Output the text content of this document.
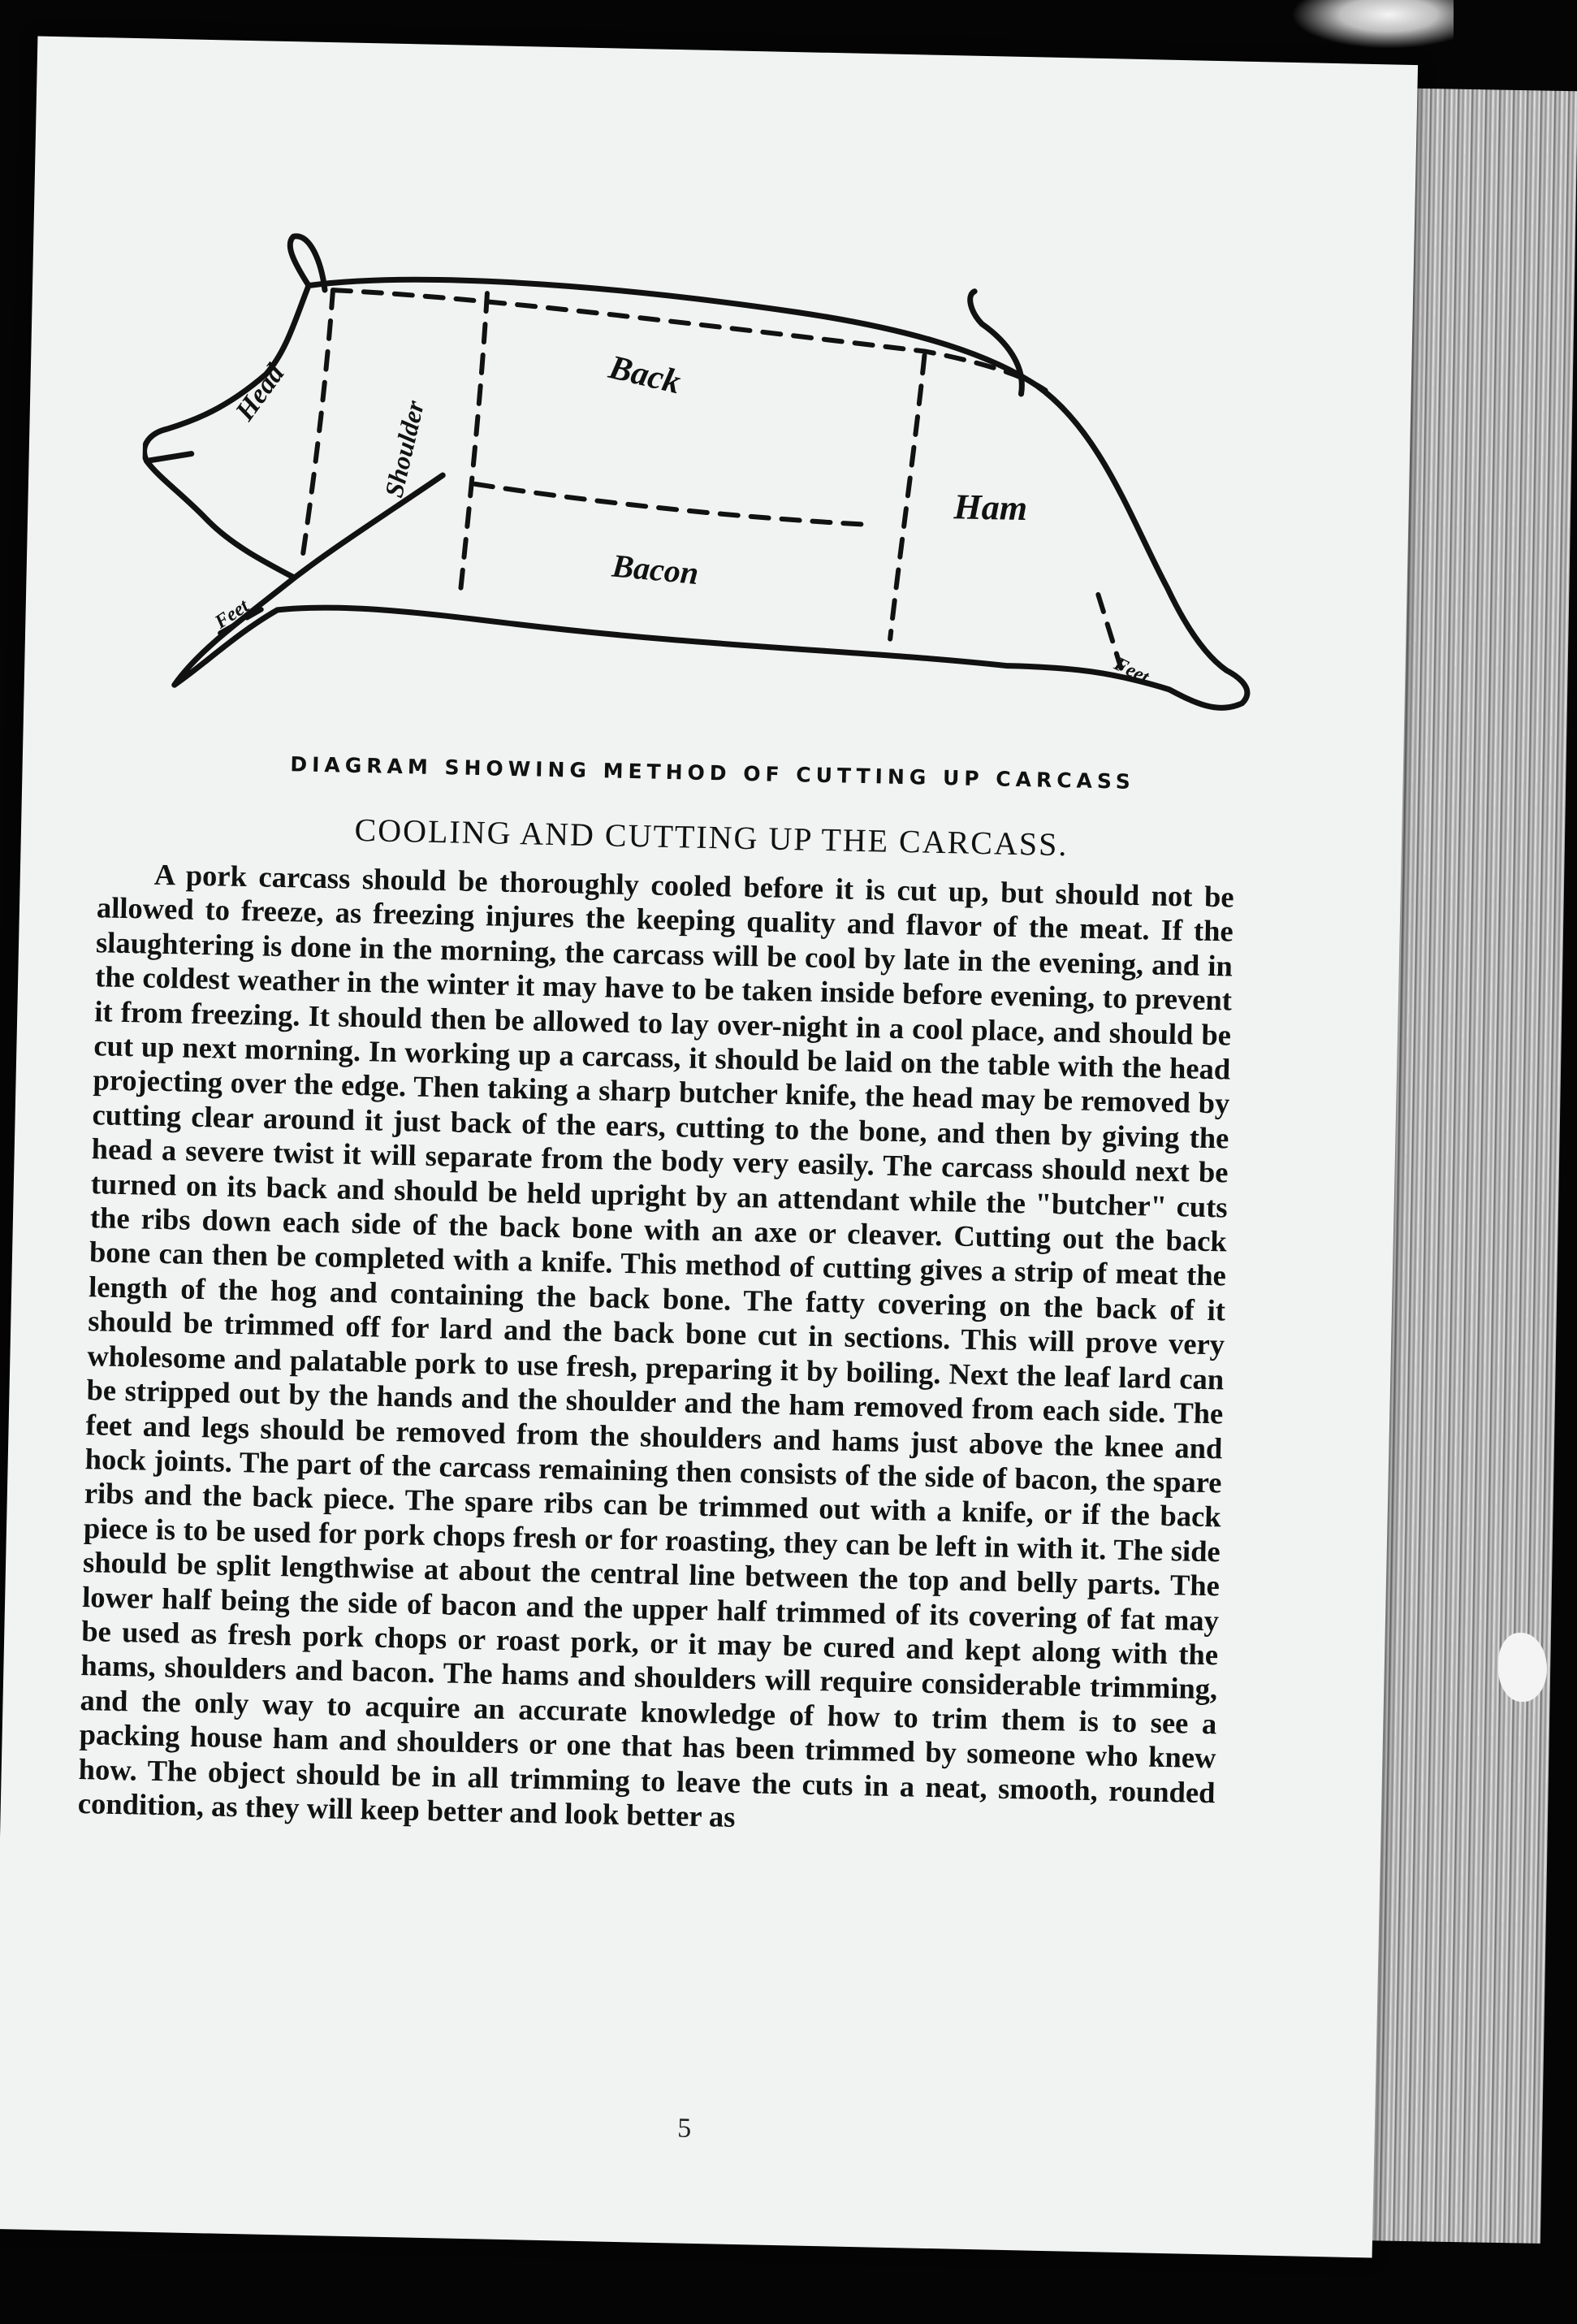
Head
Shoulder
Back
Bacon
Ham
Feet
Feet
DIAGRAM SHOWING METHOD OF CUTTING UP CARCASS
COOLING AND CUTTING UP THE CARCASS.

A pork carcass should be thoroughly cooled before it is cut up, but should not be allowed to freeze, as freezing injures the keeping quality and flavor of the meat. If the slaughtering is done in the morning, the carcass will be cool by late in the evening, and in the coldest weather in the winter it may have to be taken inside before evening, to prevent it from freezing. It should then be allowed to lay over-night in a cool place, and should be cut up next morning. In working up a carcass, it should be laid on the table with the head projecting over the edge. Then taking a sharp butcher knife, the head may be removed by cutting clear around it just back of the ears, cutting to the bone, and then by giving the head a severe twist it will separate from the body very easily. The carcass should next be turned on its back and should be held upright by an attendant while the "butcher" cuts the ribs down each side of the back bone with an axe or cleaver. Cutting out the back bone can then be completed with a knife. This method of cutting gives a strip of meat the length of the hog and containing the back bone. The fatty covering on the back of it should be trimmed off for lard and the back bone cut in sections. This will prove very wholesome and palatable pork to use fresh, preparing it by boiling. Next the leaf lard can be stripped out by the hands and the shoulder and the ham removed from each side. The feet and legs should be removed from the shoulders and hams just above the knee and hock joints. The part of the carcass remaining then consists of the side of bacon, the spare ribs and the back piece. The spare ribs can be trimmed out with a knife, or if the back piece is to be used for pork chops fresh or for roasting, they can be left in with it. The side should be split lengthwise at about the central line between the top and belly parts. The lower half being the side of bacon and the upper half trimmed of its covering of fat may be used as fresh pork chops or roast pork, or it may be cured and kept along with the hams, shoulders and bacon. The hams and shoulders will require considerable trimming, and the only way to acquire an accurate knowledge of how to trim them is to see a packing house ham and shoulders or one that has been trimmed by someone who knew how. The object should be in all trimming to leave the cuts in a neat, smooth, rounded condition, as they will keep better and look better as

5
